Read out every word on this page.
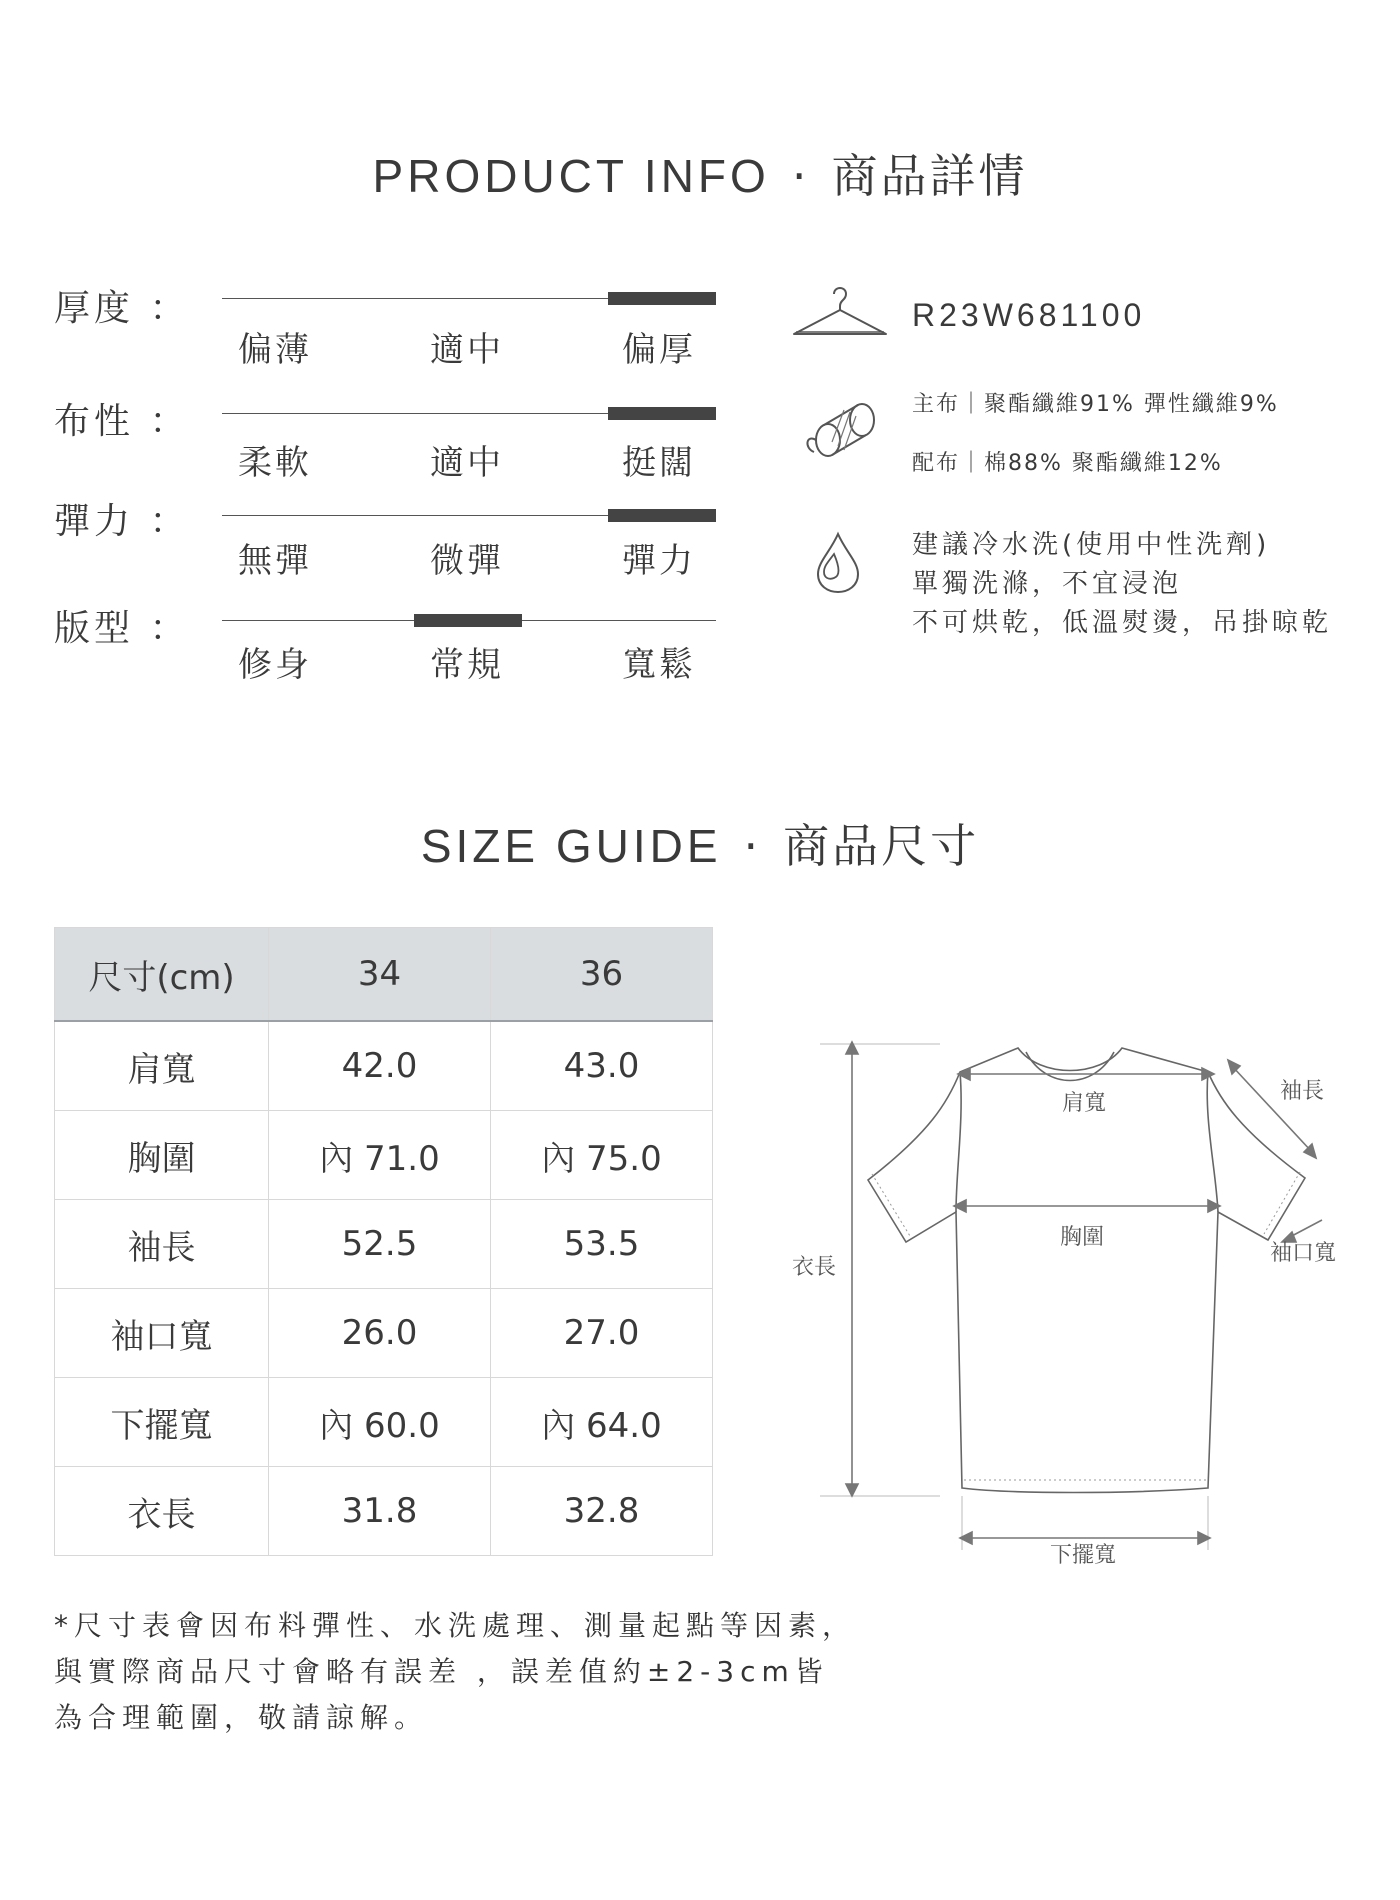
PRODUCT INFO · 商品詳情
厚度 ：
偏薄	適中	偏厚
布性 ：
柔軟	適中	挺闊
彈力 ：
無彈	微彈	彈力
版型 ：
修身	常規	寬鬆
R23W681100
主布｜聚酯纖維91% 彈性纖維9%
配布｜棉88% 聚酯纖維12%
建議冷水洗(使用中性洗劑)
單獨洗滌，不宜浸泡
不可烘乾，低溫熨燙，吊掛晾乾
SIZE GUIDE · 商品尺寸
尺寸(cm)	34	36
肩寬	42.0	43.0
胸圍	內 71.0	內 75.0
袖長	52.5	53.5
袖口寬	26.0	27.0
下擺寬	內 60.0	內 64.0
衣長	31.8	32.8
肩寬
胸圍
袖長
袖口寬
衣長
下擺寬
*尺寸表會因布料彈性、水洗處理、測量起點等因素，
與實際商品尺寸會略有誤差 ，誤差值約±2-3cm皆
為合理範圍，敬請諒解。
